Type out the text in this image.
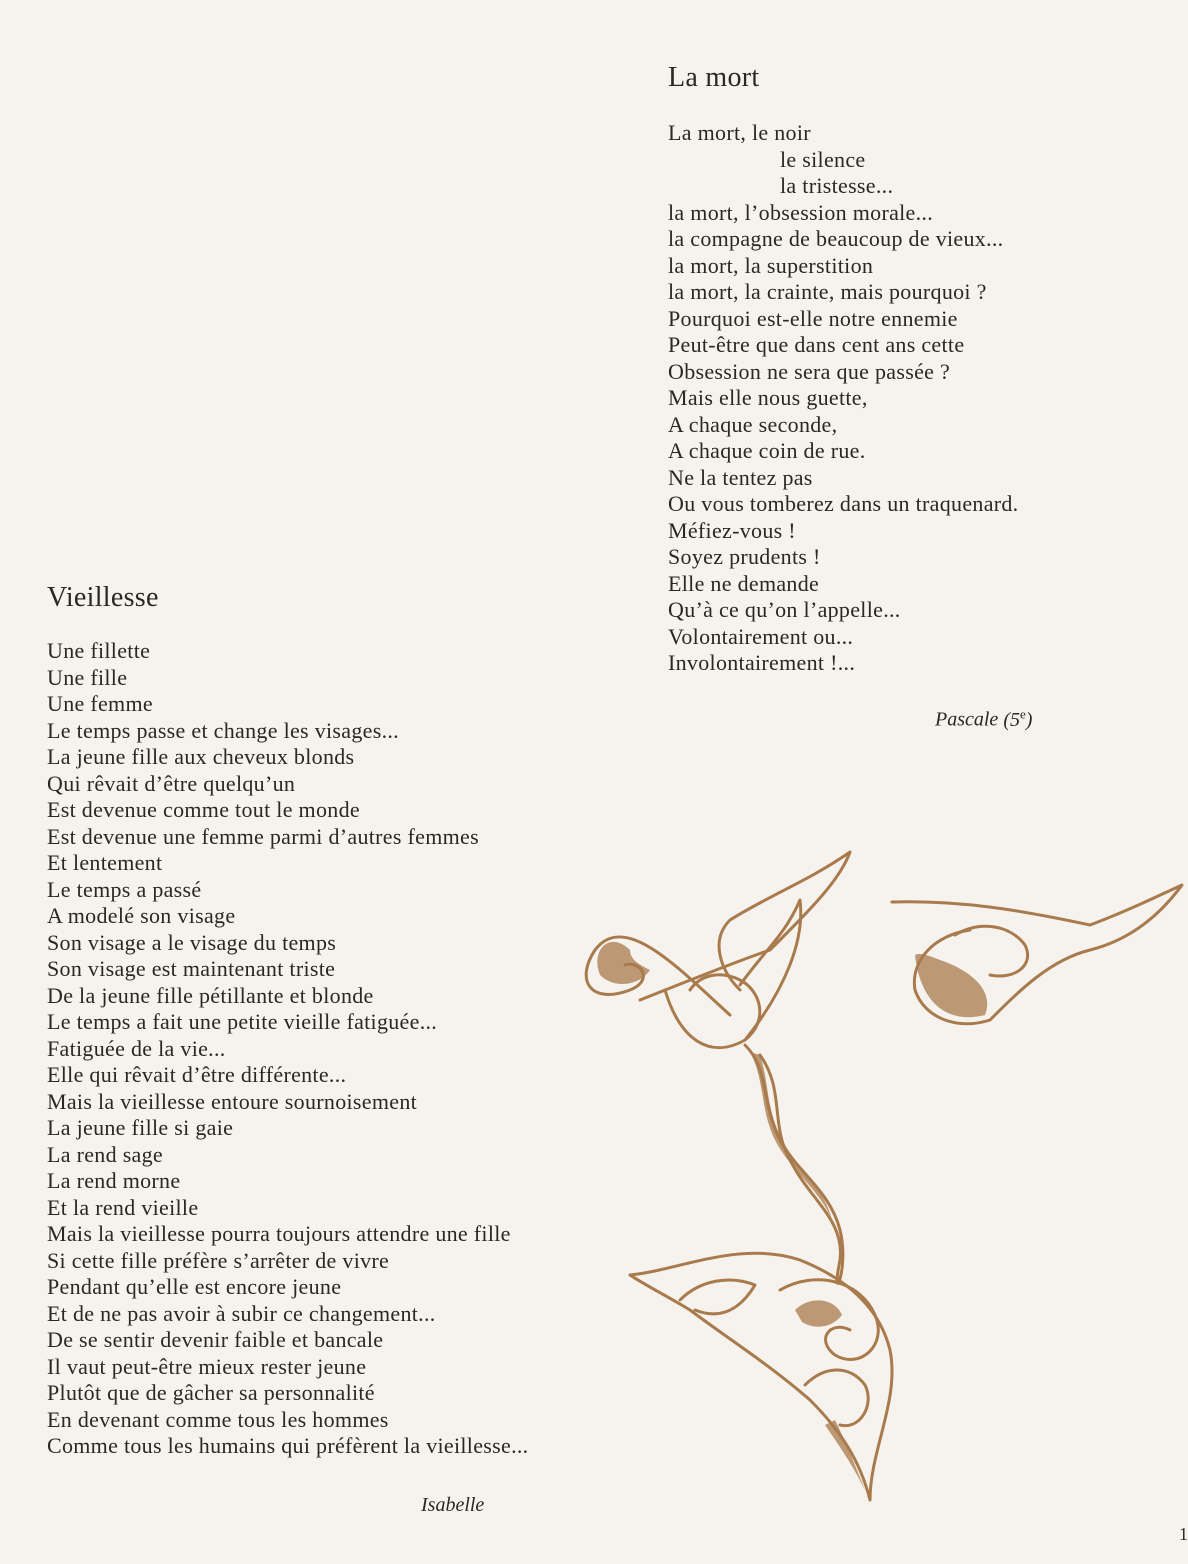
La mort
La mort, le noir
le silence
la tristesse...
la mort, l’obsession morale...
la compagne de beaucoup de vieux...
la mort, la superstition
la mort, la crainte, mais pourquoi ?
Pourquoi est-elle notre ennemie
Peut-être que dans cent ans cette
Obsession ne sera que passée ?
Mais elle nous guette,
A chaque seconde,
A chaque coin de rue.
Ne la tentez pas
Ou vous tomberez dans un traquenard.
Méfiez-vous !
Soyez prudents !
Elle ne demande
Qu’à ce qu’on l’appelle...
Volontairement ou...
Involontairement !...
Pascale (5e)
Vieillesse
Une fillette
Une fille
Une femme
Le temps passe et change les visages...
La jeune fille aux cheveux blonds
Qui rêvait d’être quelqu’un
Est devenue comme tout le monde
Est devenue une femme parmi d’autres femmes
Et lentement
Le temps a passé
A modelé son visage
Son visage a le visage du temps
Son visage est maintenant triste
De la jeune fille pétillante et blonde
Le temps a fait une petite vieille fatiguée...
Fatiguée de la vie...
Elle qui rêvait d’être différente...
Mais la vieillesse entoure sournoisement
La jeune fille si gaie
La rend sage
La rend morne
Et la rend vieille
Mais la vieillesse pourra toujours attendre une fille
Si cette fille préfère s’arrêter de vivre
Pendant qu’elle est encore jeune
Et de ne pas avoir à subir ce changement...
De se sentir devenir faible et bancale
Il vaut peut-être mieux rester jeune
Plutôt que de gâcher sa personnalité
En devenant comme tous les hommes
Comme tous les humains qui préfèrent la vieillesse...
Isabelle
1
